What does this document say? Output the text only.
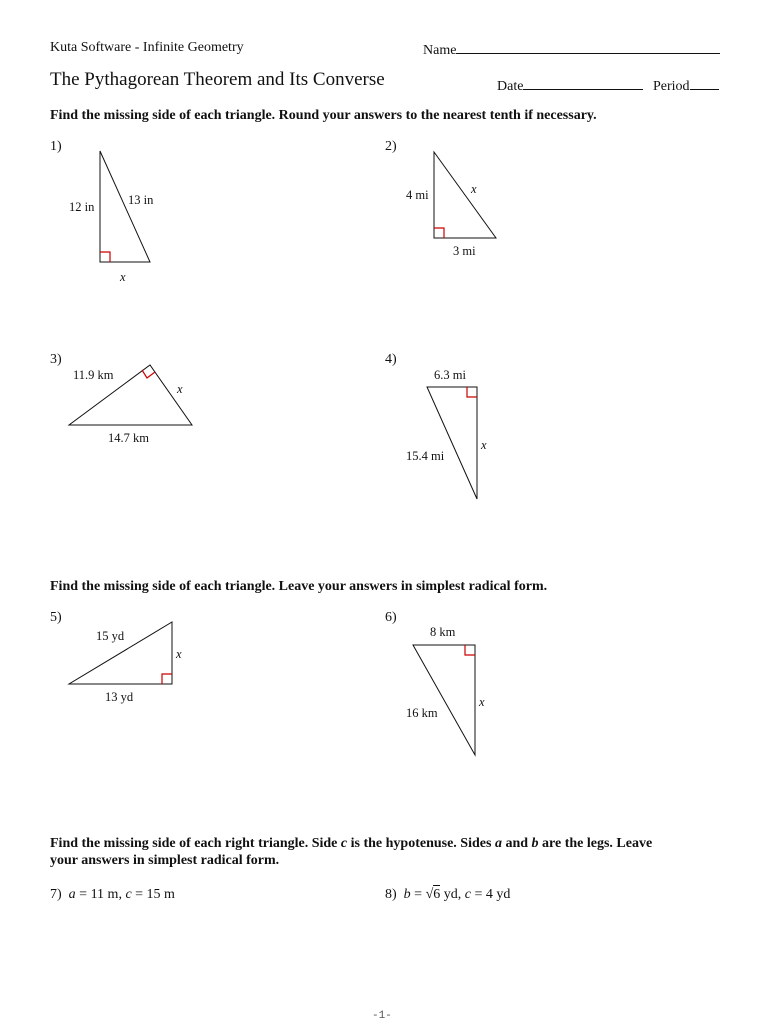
Kuta Software - Infinite Geometry	Name
The Pythagorean Theorem and Its Converse	Date	Period
Find the missing side of each triangle. Round your answers to the nearest tenth if necessary.
1)
12 in	13 in
x
2)
4 mi	x
3 mi
3)
11.9 km
x
14.7 km
4)
6.3 mi
x
15.4 mi
Find the missing side of each triangle. Leave your answers in simplest radical form.
5)
15 yd
x
13 yd
6)
8 km
x
16 km
Find the missing side of each right triangle. Side c is the hypotenuse. Sides a and b are the legs. Leave
your answers in simplest radical form.
7) a = 11 m, c = 15 m	8) b = √6 yd, c = 4 yd
-1-
